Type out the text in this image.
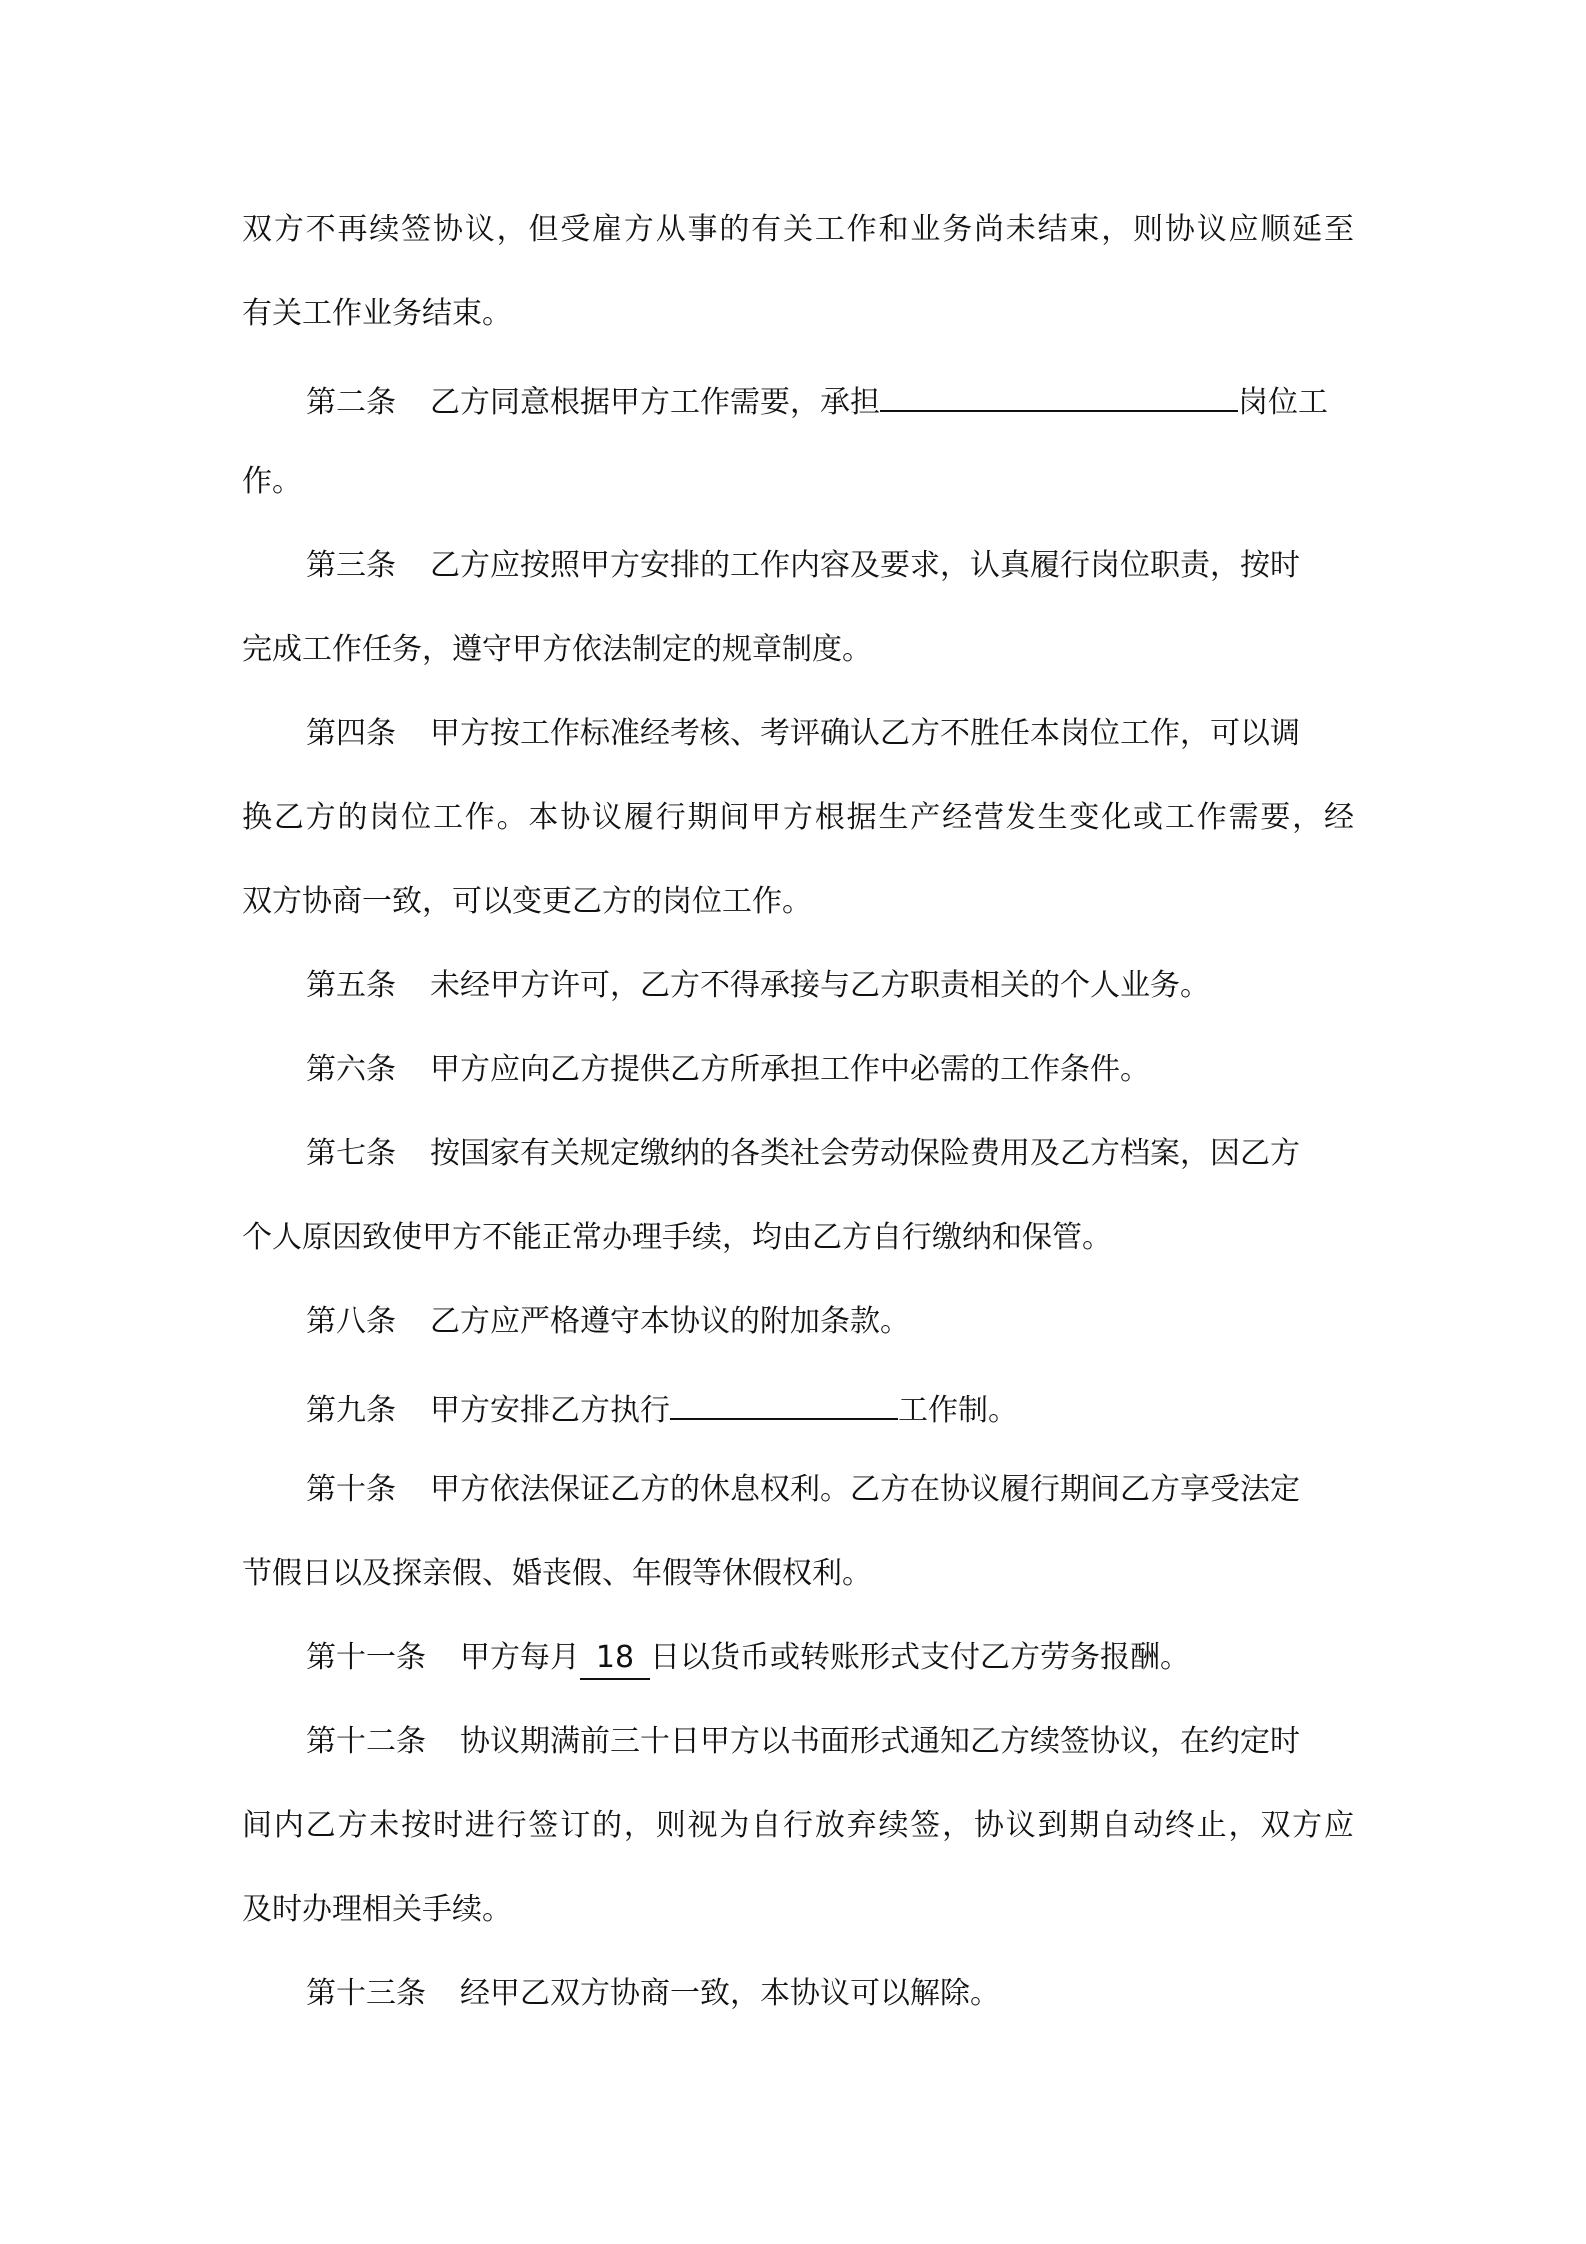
双方不再续签协议，但受雇方从事的有关工作和业务尚未结束，则协议应顺延至

有关工作业务结束。

第二条 乙方同意根据甲方工作需要，承担	岗位工

作。

第三条 乙方应按照甲方安排的工作内容及要求，认真履行岗位职责，按时

完成工作任务，遵守甲方依法制定的规章制度。

第四条 甲方按工作标准经考核、考评确认乙方不胜任本岗位工作，可以调

换乙方的岗位工作。本协议履行期间甲方根据生产经营发生变化或工作需要，经

双方协商一致，可以变更乙方的岗位工作。

第五条 未经甲方许可，乙方不得承接与乙方职责相关的个人业务。

第六条 甲方应向乙方提供乙方所承担工作中必需的工作条件。

第七条 按国家有关规定缴纳的各类社会劳动保险费用及乙方档案，因乙方

个人原因致使甲方不能正常办理手续，均由乙方自行缴纳和保管。

第八条 乙方应严格遵守本协议的附加条款。

第九条 甲方安排乙方执行	工作制。

第十条 甲方依法保证乙方的休息权利。乙方在协议履行期间乙方享受法定

节假日以及探亲假、婚丧假、年假等休假权利。

第十一条 甲方每月 18 日以货币或转账形式支付乙方劳务报酬。

第十二条 协议期满前三十日甲方以书面形式通知乙方续签协议，在约定时

间内乙方未按时进行签订的，则视为自行放弃续签，协议到期自动终止，双方应

及时办理相关手续。

第十三条 经甲乙双方协商一致，本协议可以解除。
